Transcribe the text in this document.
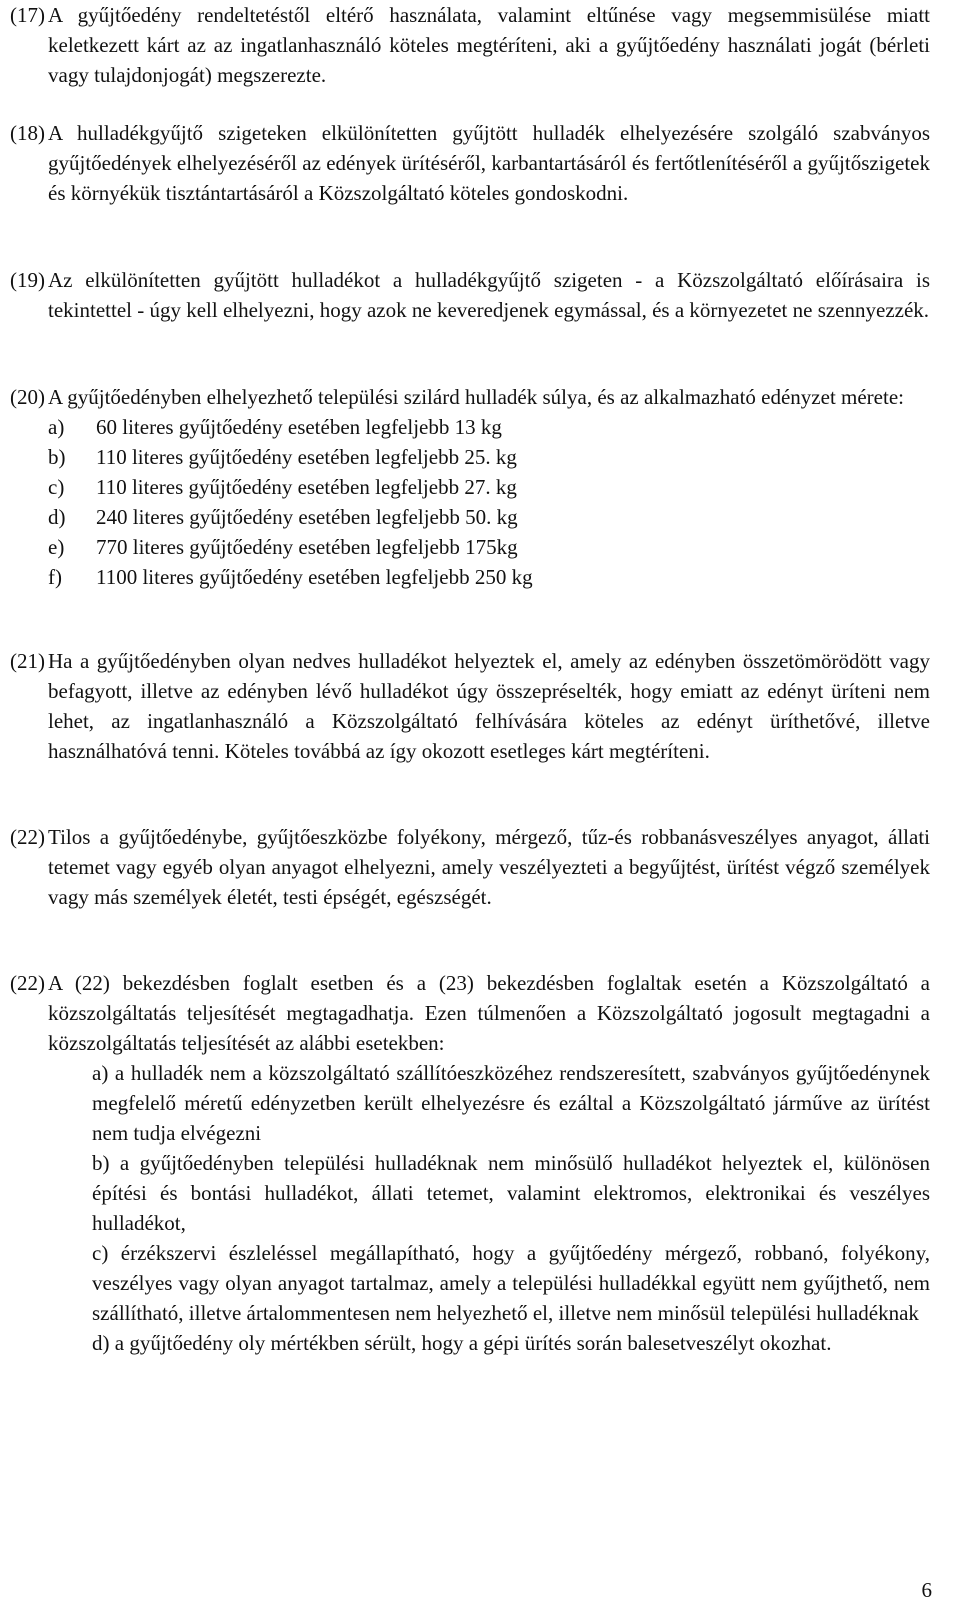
(17) A gyűjtőedény rendeltetéstől eltérő használata, valamint eltűnése vagy megsemmisülése miatt keletkezett kárt az az ingatlanhasználó köteles megtéríteni, aki a gyűjtőedény használati jogát (bérleti vagy tulajdonjogát) megszerezte.
(18) A hulladékgyűjtő szigeteken elkülönítetten gyűjtött hulladék elhelyezésére szolgáló szabványos gyűjtőedények elhelyezéséről az edények ürítéséről, karbantartásáról és fertőtlenítéséről a gyűjtőszigetek és környékük tisztántartásáról a Közszolgáltató köteles gondoskodni.
(19) Az elkülönítetten gyűjtött hulladékot a hulladékgyűjtő szigeten - a Közszolgáltató előírásaira is tekintettel - úgy kell elhelyezni, hogy azok ne keveredjenek egymással, és a környezetet ne szennyezzék.
(20) A gyűjtőedényben elhelyezhető települési szilárd hulladék súlya, és az alkalmazható edényzet mérete:
a)	60 literes gyűjtőedény esetében legfeljebb 13 kg
b)	110 literes gyűjtőedény esetében legfeljebb 25. kg
c)	110 literes gyűjtőedény esetében legfeljebb 27. kg
d)	240 literes gyűjtőedény esetében legfeljebb 50. kg
e)	770 literes gyűjtőedény esetében legfeljebb 175kg
f)	1100 literes gyűjtőedény esetében legfeljebb 250 kg
(21) Ha a gyűjtőedényben olyan nedves hulladékot helyeztek el, amely az edényben összetömörödött vagy befagyott, illetve az edényben lévő hulladékot úgy összepréselték, hogy emiatt az edényt üríteni nem lehet, az ingatlanhasználó a Közszolgáltató felhívására köteles az edényt üríthetővé, illetve használhatóvá tenni. Köteles továbbá az így okozott esetleges kárt megtéríteni.
(22) Tilos a gyűjtőedénybe, gyűjtőeszközbe folyékony, mérgező, tűz-és robbanásveszélyes anyagot, állati tetemet vagy egyéb olyan anyagot elhelyezni, amely veszélyezteti a begyűjtést, ürítést végző személyek vagy más személyek életét, testi épségét, egészségét.
(22) A (22) bekezdésben foglalt esetben és a (23) bekezdésben foglaltak esetén a Közszolgáltató a közszolgáltatás teljesítését megtagadhatja. Ezen túlmenően a Közszolgáltató jogosult megtagadni a közszolgáltatás teljesítését az alábbi esetekben:
a) a hulladék nem a közszolgáltató szállítóeszközéhez rendszeresített, szabványos gyűjtőedénynek megfelelő méretű edényzetben került elhelyezésre és ezáltal a Közszolgáltató járműve az ürítést nem tudja elvégezni
b) a gyűjtőedényben települési hulladéknak nem minősülő hulladékot helyeztek el, különösen építési és bontási hulladékot, állati tetemet, valamint elektromos, elektronikai és veszélyes hulladékot,
c) érzékszervi észleléssel megállapítható, hogy a gyűjtőedény mérgező, robbanó, folyékony, veszélyes vagy olyan anyagot tartalmaz, amely a települési hulladékkal együtt nem gyűjthető, nem szállítható, illetve ártalommentesen nem helyezhető el, illetve nem minősül települési hulladéknak
d) a gyűjtőedény oly mértékben sérült, hogy a gépi ürítés során balesetveszélyt okozhat.
6
